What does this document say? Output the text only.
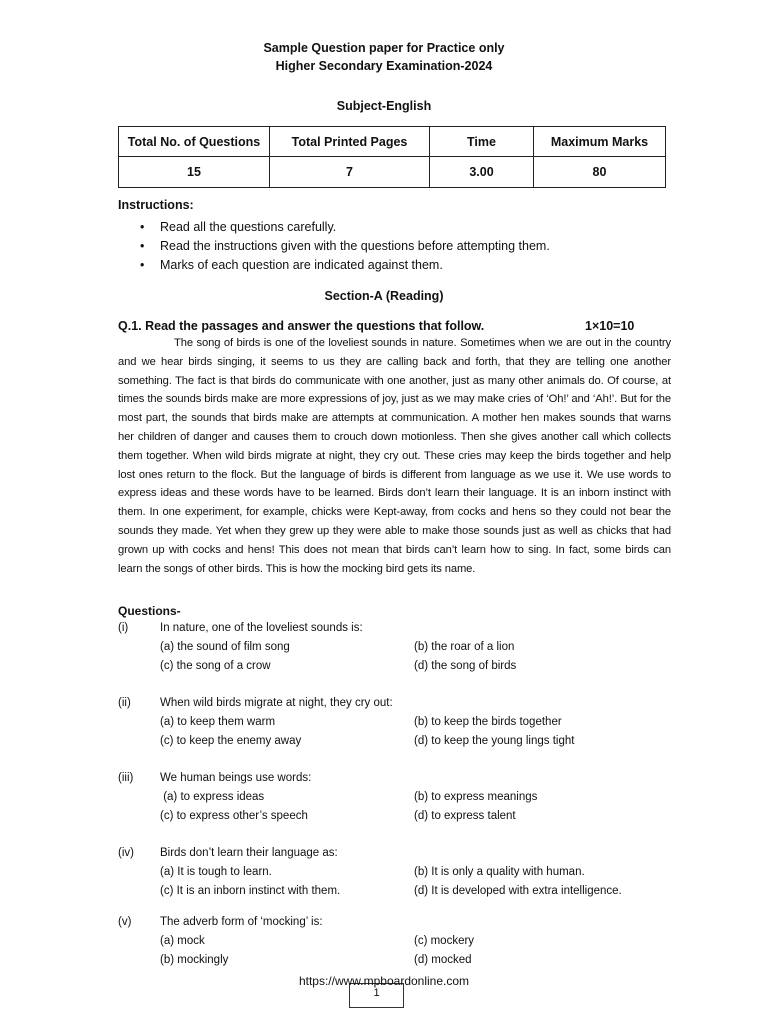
Sample Question paper for Practice only
Higher Secondary Examination-2024
Subject-English
Total No. of Questions	Total Printed Pages	Time	Maximum Marks
15	7	3.00	80
Instructions:
• Read all the questions carefully.
• Read the instructions given with the questions before attempting them.
• Marks of each question are indicated against them.
Section-A (Reading)
Q.1. Read the passages and answer the questions that follow.	1×10=10

The song of birds is one of the loveliest sounds in nature. Sometimes when we are out in the country and we hear birds singing, it seems to us they are calling back and forth, that they are telling one another something. The fact is that birds do communicate with one another, just as many other animals do. Of course, at times the sounds birds make are more expressions of joy, just as we may make cries of ‘Oh!’ and ‘Ah!’. But for the most part, the sounds that birds make are attempts at communication. A mother hen makes sounds that warns her children of danger and causes them to crouch down motionless. Then she gives another call which collects them together. When wild birds migrate at night, they cry out. These cries may keep the birds together and help lost ones return to the flock. But the language of birds is different from language as we use it. We use words to express ideas and these words have to be learned. Birds don’t learn their language. It is an inborn instinct with them. In one experiment, for example, chicks were Kept-away, from cocks and hens so they could not bear the sounds they made. Yet when they grew up they were able to make those sounds just as well as chicks that had grown up with cocks and hens! This does not mean that birds can’t learn how to sing. In fact, some birds can learn the songs of other birds. This is how the mocking bird gets its name.

Questions-
(i)	In nature, one of the loveliest sounds is:
(a) the sound of film song	(b) the roar of a lion
(c) the song of a crow	(d) the song of birds
(ii)	When wild birds migrate at night, they cry out:
(a) to keep them warm	(b) to keep the birds together
(c) to keep the enemy away	(d) to keep the young lings tight
(iii) We human beings use words:
(a) to express ideas	(b) to express meanings
(c) to express other’s speech	(d) to express talent
(iv) Birds don’t learn their language as:
(a) It is tough to learn.	(b) It is only a quality with human.
(c) It is an inborn instinct with them.	(d) It is developed with extra intelligence.
(v) The adverb form of ‘mocking’ is:
(a) mock	(c) mockery
(b) mockingly	(d) mocked
1
https://www.mpboardonline.com
